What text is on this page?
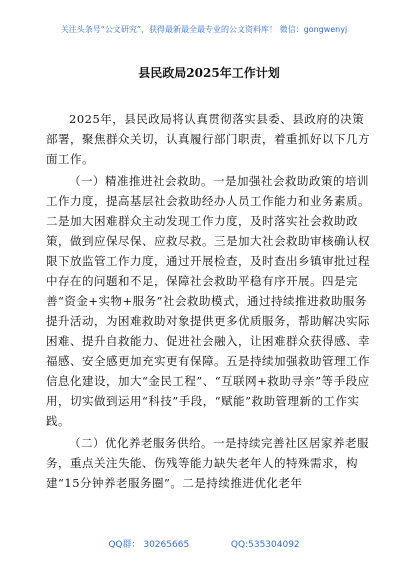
关注头条号“公文研究”，获得最新最全最专业的公文资料库！ 微信：gongwenyj
县民政局2025年工作计划

2025年，县民政局将认真贯彻落实县委、县政府的决策部署，聚焦群众关切，认真履行部门职责，着重抓好以下几方面工作。

（一）精准推进社会救助。一是加强社会救助政策的培训工作力度，提高基层社会救助经办人员工作能力和业务素质。二是加大困难群众主动发现工作力度，及时落实社会救助政策，做到应保尽保、应救尽救。三是加大社会救助审核确认权限下放监管工作力度，通过开展检查，及时查出乡镇审批过程中存在的问题和不足，保障社会救助平稳有序开展。四是完善“资金+实物+服务”社会救助模式，通过持续推进救助服务提升活动，为困难救助对象提供更多优质服务，帮助解决实际困难、提升自救能力、促进社会融入，让困难群众获得感、幸福感、安全感更加充实更有保障。五是持续加强救助管理工作信息化建设，加大“金民工程”、“互联网+救助寻亲”等手段应用，切实做到运用“科技”手段，“赋能”救助管理新的工作实践。

（二）优化养老服务供给。一是持续完善社区居家养老服务，重点关注失能、伤残等能力缺失老年人的特殊需求，构建“15分钟养老服务圈”。二是持续推进优化老年

QQ群： 30265665	QQ:535304092
